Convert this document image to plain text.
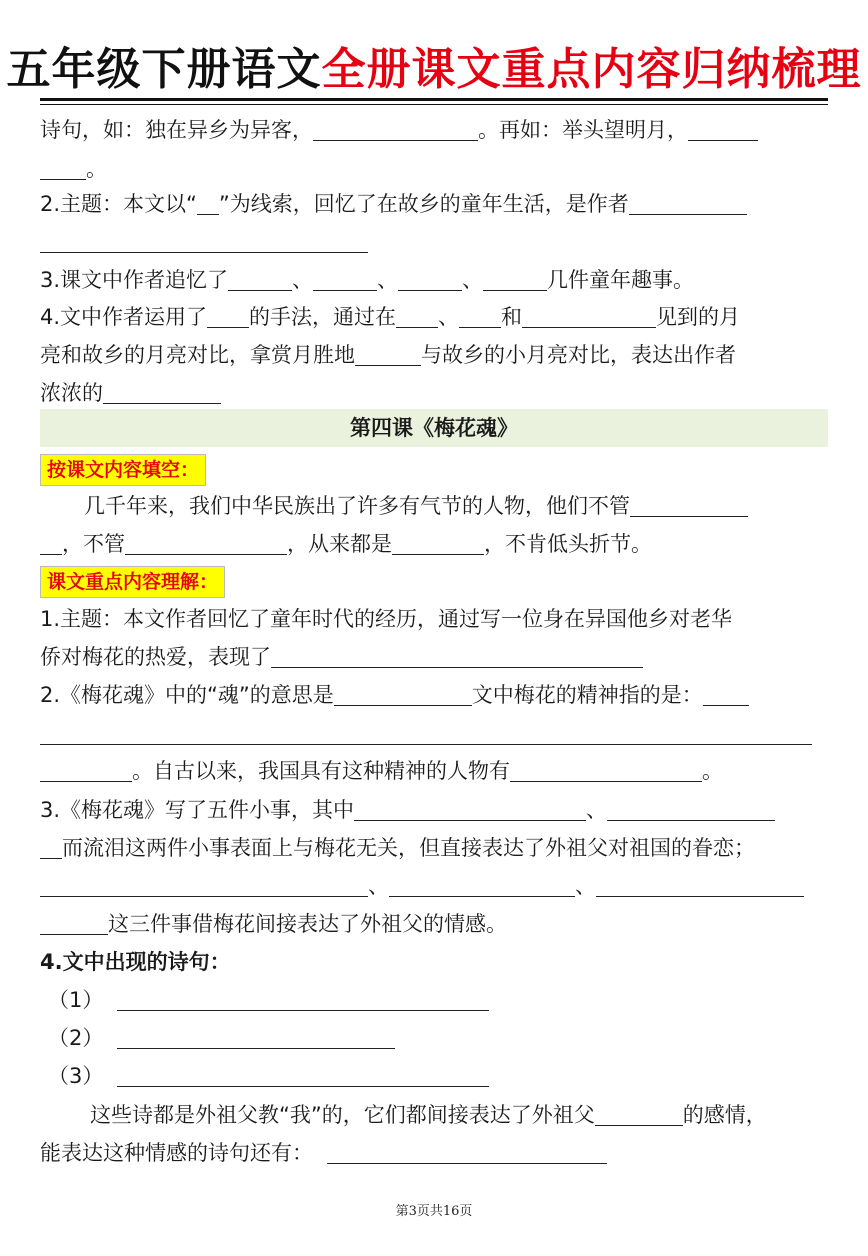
五年级下册语文全册课文重点内容归纳梳理
诗句，如：独在异乡为异客，	。再如：举头望明月，
。
2.主题：本文以“ ”为线索，回忆了在故乡的童年生活，是作者
3.课文中作者追忆了	、	、	、	几件童年趣事。
4.文中作者运用了 的手法，通过在 、 和	见到的月
亮和故乡的月亮对比，拿赏月胜地	与故乡的小月亮对比，表达出作者
浓浓的
第四课《梅花魂》
按课文内容填空：
几千年来，我们中华民族出了许多有气节的人物，他们不管
，不管	，从来都是	，不肯低头折节。
课文重点内容理解：
1.主题：本文作者回忆了童年时代的经历，通过写一位身在异国他乡对老华
侨对梅花的热爱，表现了
2.《梅花魂》中的“魂”的意思是	文中梅花的精神指的是：
。自古以来，我国具有这种精神的人物有	。
3.《梅花魂》写了五件小事，其中	、
而流泪这两件小事表面上与梅花无关，但直接表达了外祖父对祖国的眷恋；
、	、
这三件事借梅花间接表达了外祖父的情感。
4.文中出现的诗句：
（1）
（2）
（3）
这些诗都是外祖父教“我”的，它们都间接表达了外祖父	的感情，
能表达这种情感的诗句还有：
第3页共16页
